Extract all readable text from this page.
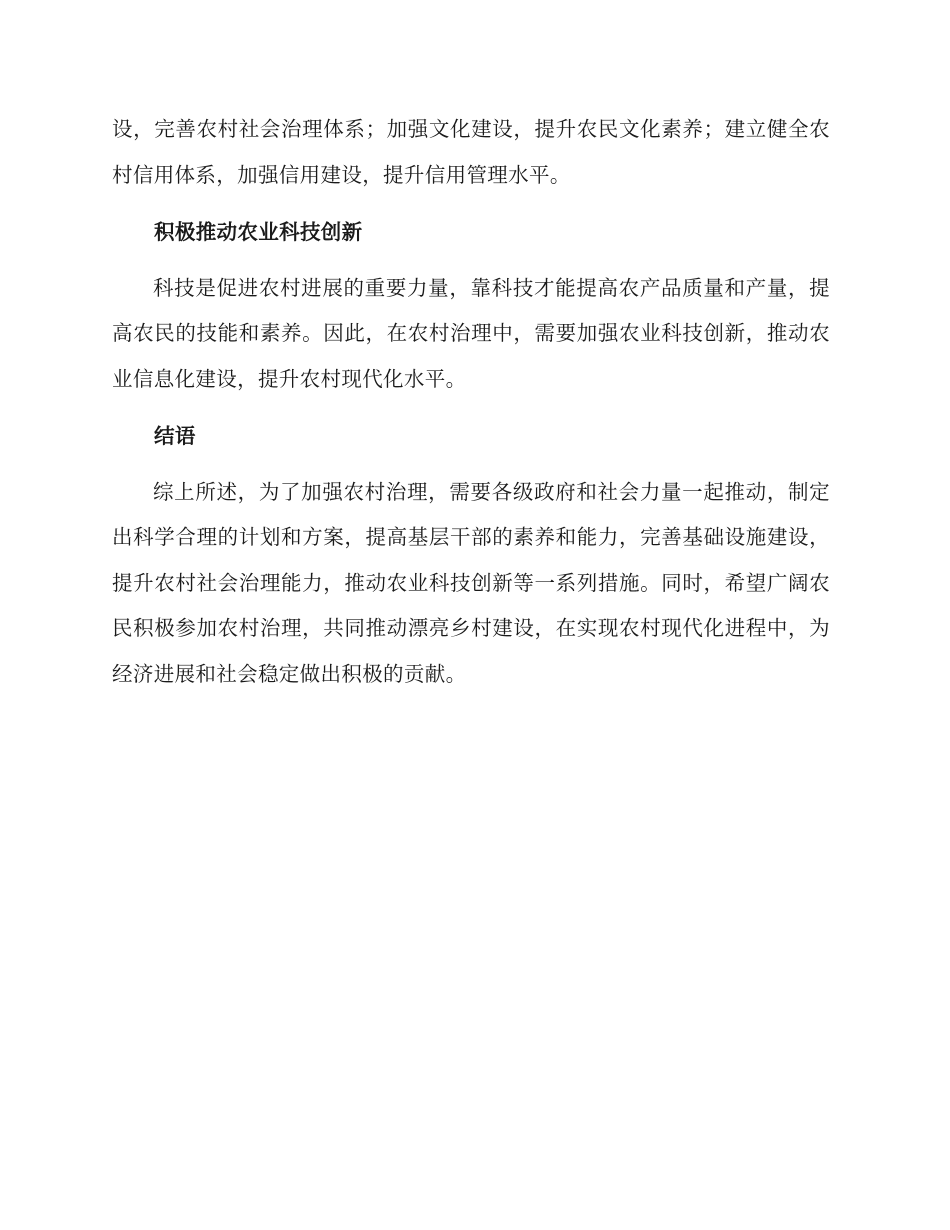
设，完善农村社会治理体系；加强文化建设，提升农民文化素养；建立健全农村信用体系，加强信用建设，提升信用管理水平。

积极推动农业科技创新

科技是促进农村进展的重要力量，靠科技才能提高农产品质量和产量，提高农民的技能和素养。因此，在农村治理中，需要加强农业科技创新，推动农业信息化建设，提升农村现代化水平。

结语

综上所述，为了加强农村治理，需要各级政府和社会力量一起推动，制定出科学合理的计划和方案，提高基层干部的素养和能力，完善基础设施建设，提升农村社会治理能力，推动农业科技创新等一系列措施。同时，希望广阔农民积极参加农村治理，共同推动漂亮乡村建设，在实现农村现代化进程中，为经济进展和社会稳定做出积极的贡献。
